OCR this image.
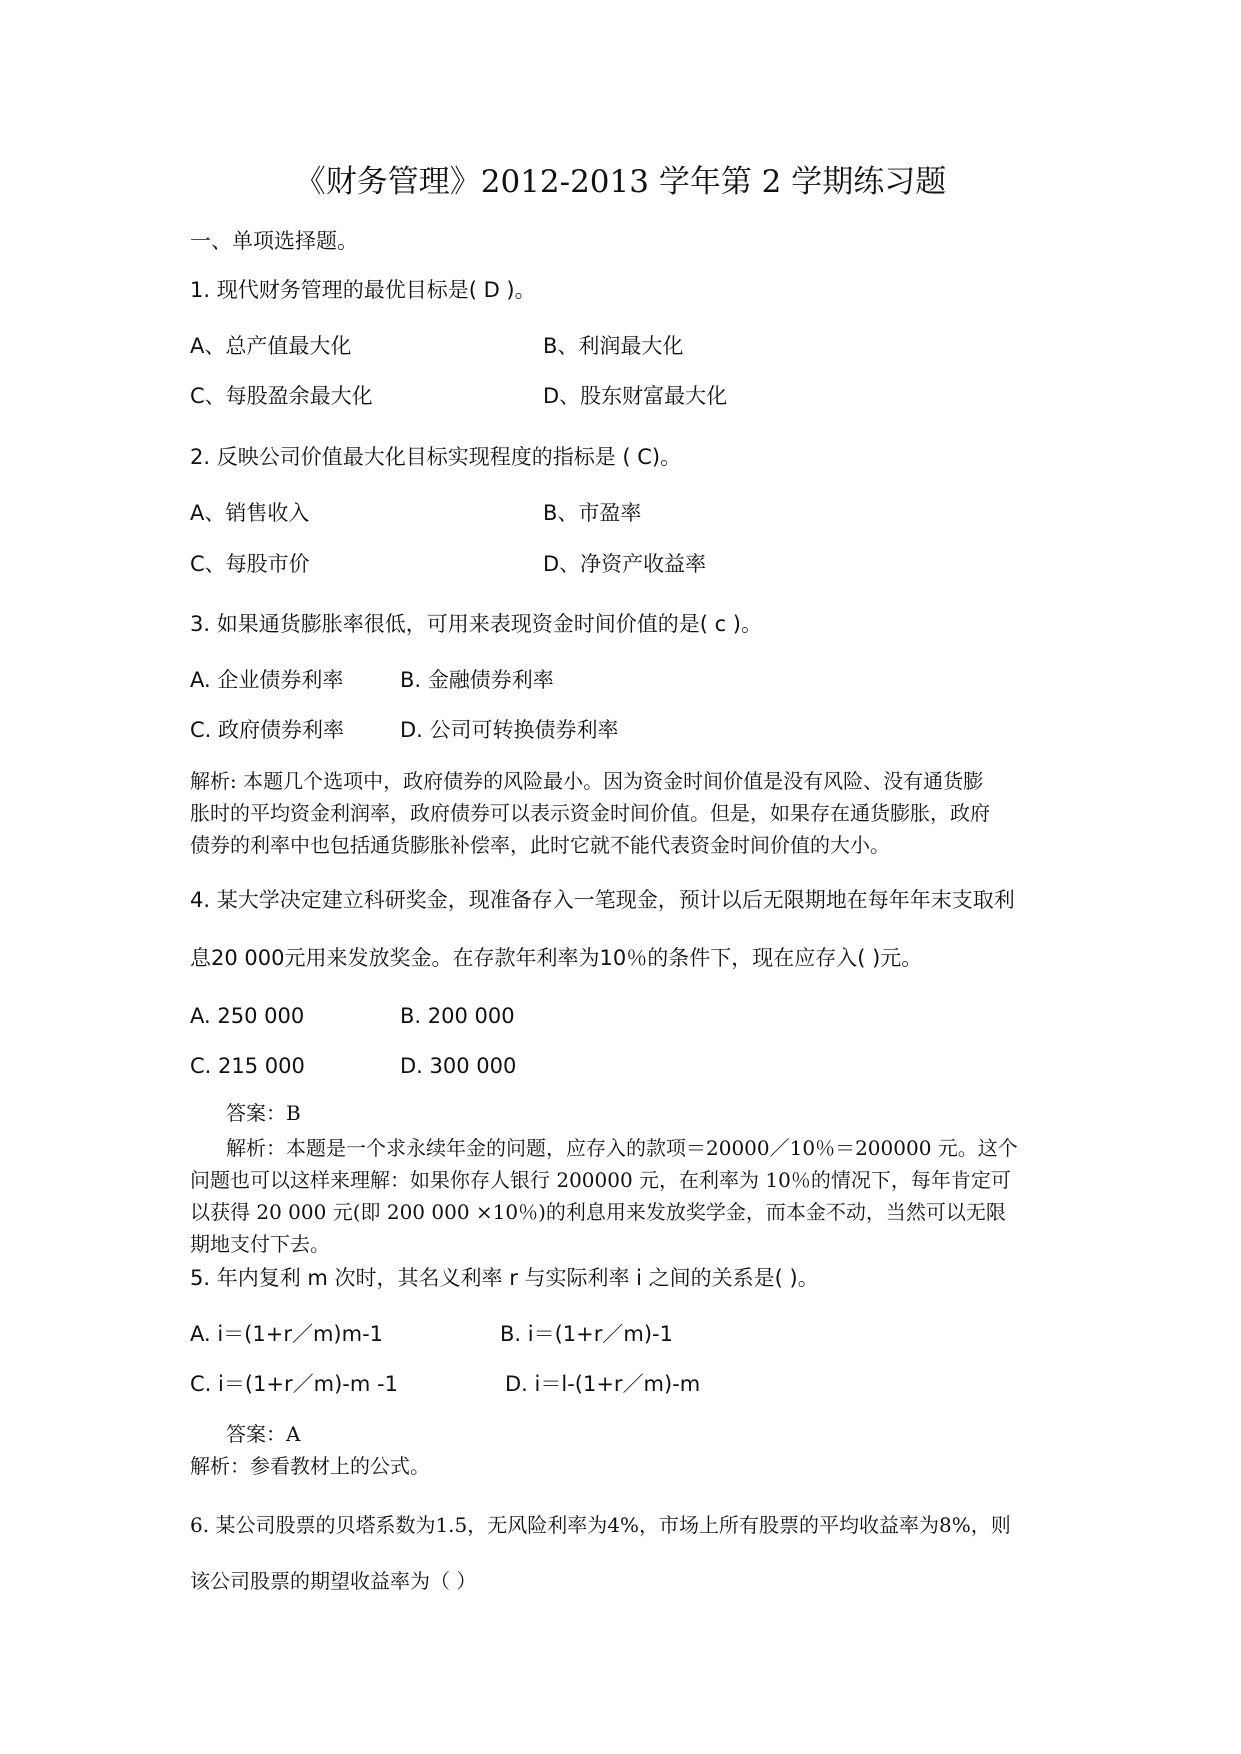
《财务管理》2012-2013 学年第 2 学期练习题
一、单项选择题。
1. 现代财务管理的最优目标是( D )。
A、总产值最大化	B、利润最大化
C、每股盈余最大化	D、股东财富最大化
2. 反映公司价值最大化目标实现程度的指标是 ( C)。
A、销售收入	B、市盈率
C、每股市价	D、净资产收益率
3. 如果通货膨胀率很低，可用来表现资金时间价值的是( c )。
A. 企业债券利率	B. 金融债券利率
C. 政府债券利率	D. 公司可转换债券利率

解析: 本题几个选项中，政府债券的风险最小。因为资金时间价值是没有风险、没有通货膨

胀时的平均资金利润率，政府债券可以表示资金时间价值。但是，如果存在通货膨胀，政府

债券的利率中也包括通货膨胀补偿率，此时它就不能代表资金时间价值的大小。

4. 某大学决定建立科研奖金，现准备存入一笔现金，预计以后无限期地在每年年末支取利
息20 000元用来发放奖金。在存款年利率为10％的条件下，现在应存入( )元。
A. 250 000	B. 200 000
C. 215 000	D. 300 000
答案：B

解析：本题是一个求永续年金的问题，应存入的款项＝20000／10％＝200000 元。这个

问题也可以这样来理解：如果你存人银行 200000 元，在利率为 10％的情况下，每年肯定可

以获得 20 000 元(即 200 000 ×10％)的利息用来发放奖学金，而本金不动，当然可以无限

期地支付下去。

5. 年内复利 m 次时，其名义利率 r 与实际利率 i 之间的关系是( )。
A. i＝(1+r／m)m-1	B. i＝(1+r／m)-1
C. i＝(1+r／m)-m -1	D. i＝l-(1+r／m)-m
答案：A
解析：参看教材上的公式。
6. 某公司股票的贝塔系数为1.5，无风险利率为4%，市场上所有股票的平均收益率为8%，则
该公司股票的期望收益率为（ ）
